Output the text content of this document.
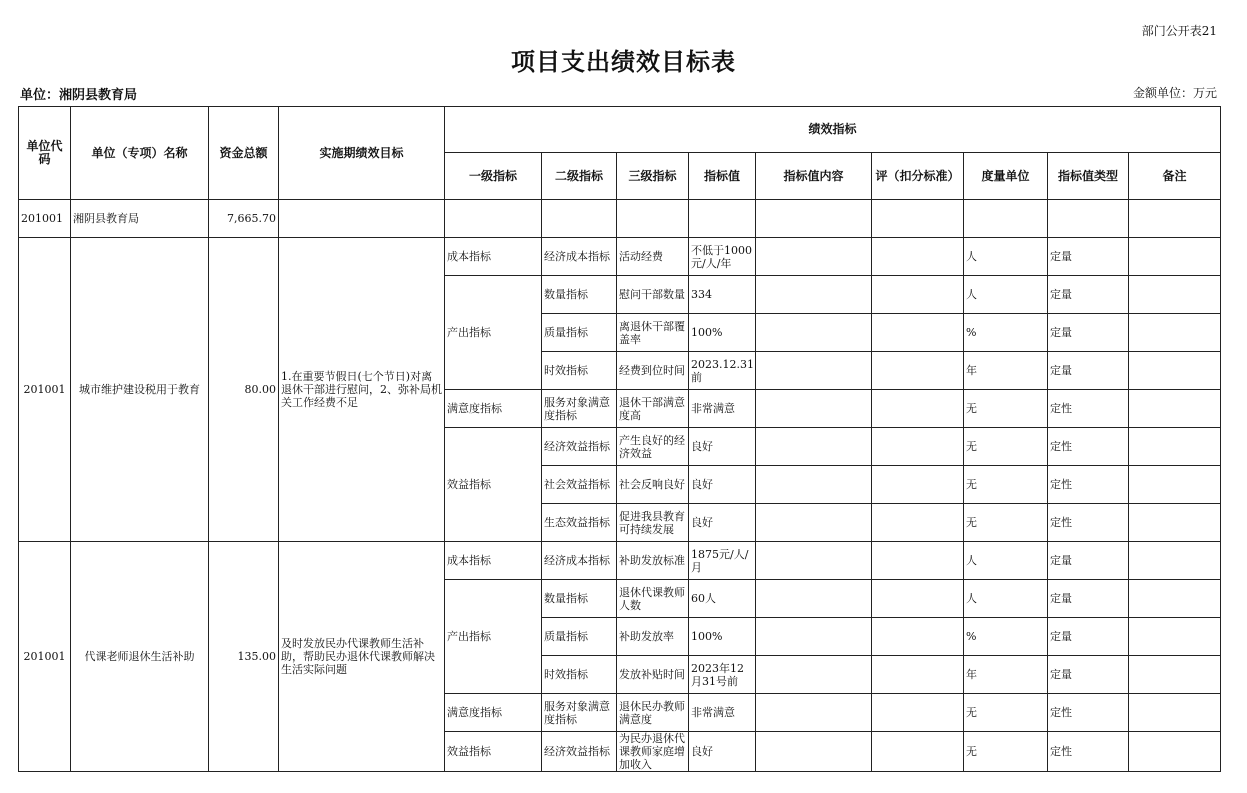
部门公开表21
项目支出绩效目标表
单位：湘阴县教育局	金额单位：万元
单位代码	单位（专项）名称	资金总额	实施期绩效目标	绩效指标								
				一级指标	二级指标	三级指标	指标值	指标值内容	评（扣分标准）	度量单位	指标值类型	备注
201001	湘阴县教育局	7,665.70										
201001	城市维护建设税用于教育	80.00	1.在重要节假日(七个节日)对离退休干部进行慰问，2、弥补局机关工作经费不足	成本指标	经济成本指标	活动经费	不低于1000元/人/年			人	定量	
				产出指标	数量指标	慰问干部数量	334			人	定量	
					质量指标	离退休干部覆盖率	100%			%	定量	
					时效指标	经费到位时间	2023.12.31前			年	定量	
				满意度指标	服务对象满意度指标	退休干部满意度高	非常满意			无	定性	
				效益指标	经济效益指标	产生良好的经济效益	良好			无	定性	
					社会效益指标	社会反响良好	良好			无	定性	
					生态效益指标	促进我县教育可持续发展	良好			无	定性	
201001	代课老师退休生活补助	135.00	及时发放民办代课教师生活补助，帮助民办退休代课教师解决生活实际问题	成本指标	经济成本指标	补助发放标准	1875元/人/月			人	定量	
				产出指标	数量指标	退休代课教师人数	60人			人	定量	
					质量指标	补助发放率	100%			%	定量	
					时效指标	发放补贴时间	2023年12月31号前			年	定量	
				满意度指标	服务对象满意度指标	退休民办教师满意度	非常满意			无	定性	
				效益指标	经济效益指标	为民办退休代课教师家庭增加收入	良好			无	定性	
